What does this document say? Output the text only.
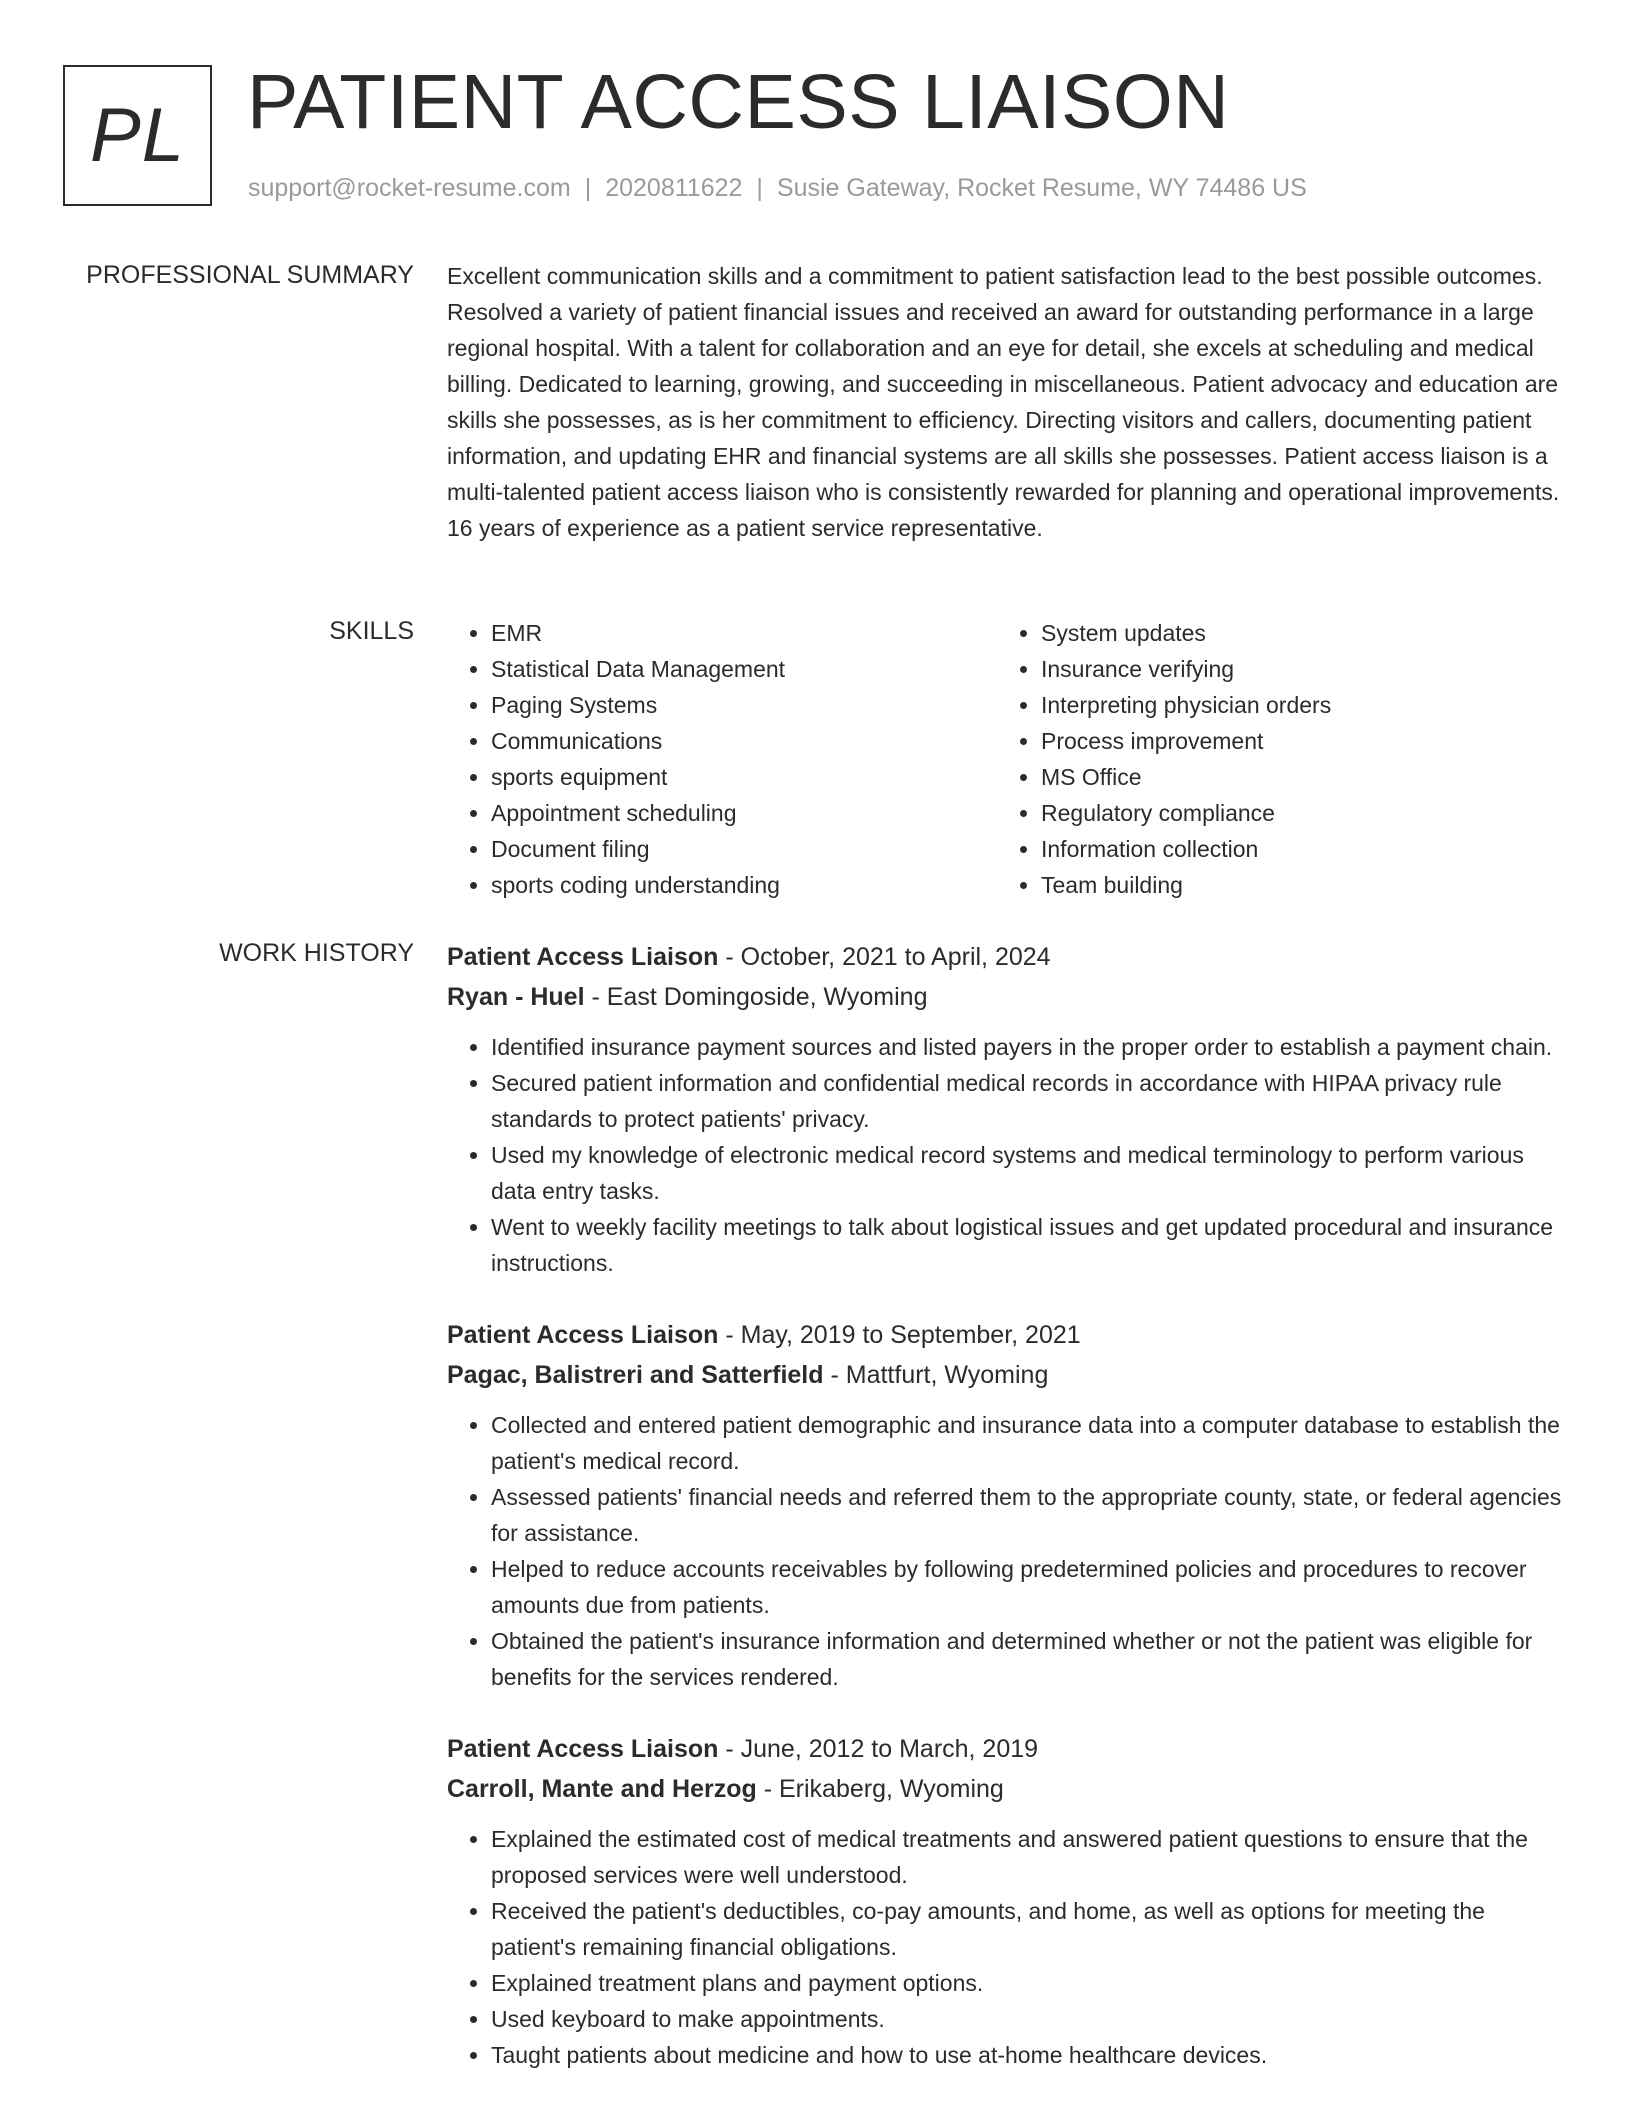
PL PATIENT ACCESS LIAISON
support@rocket-resume.com | 2020811622 | Susie Gateway, Rocket Resume, WY 74486 US
PROFESSIONAL SUMMARY Excellent communication skills and a commitment to patient satisfaction lead to the best possible outcomes. Resolved a variety of patient financial issues and received an award for outstanding performance in a large regional hospital. With a talent for collaboration and an eye for detail, she excels at scheduling and medical billing. Dedicated to learning, growing, and succeeding in miscellaneous. Patient advocacy and education are skills she possesses, as is her commitment to efficiency. Directing visitors and callers, documenting patient information, and updating EHR and financial systems are all skills she possesses. Patient access liaison is a multi-talented patient access liaison who is consistently rewarded for planning and operational improvements. 16 years of experience as a patient service representative.

SKILLS
•	EMR
• Statistical Data Management
• Paging Systems
• Communications
• sports equipment
• Appointment scheduling
• Document filing
• sports coding understanding
• System updates
• Insurance verifying
• Interpreting physician orders
• Process improvement
• MS Office
• Regulatory compliance
• Information collection
• Team building
WORK HISTORY Patient Access Liaison - October, 2021 to April, 2024
Ryan - Huel - East Domingoside, Wyoming
• Identified insurance payment sources and listed payers in the proper order to establish a payment chain.
• Secured patient information and confidential medical records in accordance with HIPAA privacy rule standards to protect patients' privacy.
• Used my knowledge of electronic medical record systems and medical terminology to perform various data entry tasks.
• Went to weekly facility meetings to talk about logistical issues and get updated procedural and insurance instructions.
Patient Access Liaison - May, 2019 to September, 2021
Pagac, Balistreri and Satterfield - Mattfurt, Wyoming
• Collected and entered patient demographic and insurance data into a computer database to establish the patient's medical record.
• Assessed patients' financial needs and referred them to the appropriate county, state, or federal agencies for assistance.
• Helped to reduce accounts receivables by following predetermined policies and procedures to recover amounts due from patients.
• Obtained the patient's insurance information and determined whether or not the patient was eligible for benefits for the services rendered.
Patient Access Liaison - June, 2012 to March, 2019
Carroll, Mante and Herzog - Erikaberg, Wyoming
• Explained the estimated cost of medical treatments and answered patient questions to ensure that the proposed services were well understood.
• Received the patient's deductibles, co-pay amounts, and home, as well as options for meeting the patient's remaining financial obligations.
• Explained treatment plans and payment options.
• Used keyboard to make appointments.
• Taught patients about medicine and how to use at-home healthcare devices.
